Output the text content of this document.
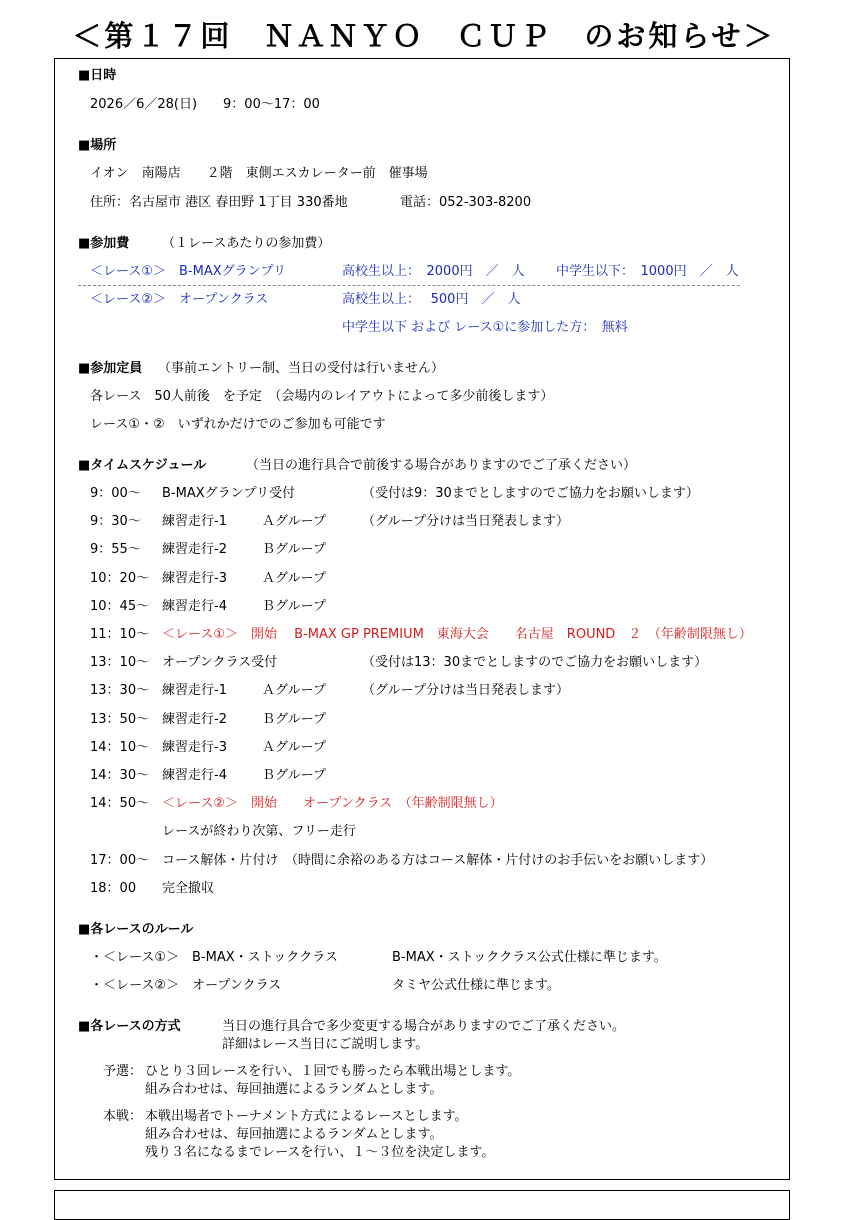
＜第１７回　ＮＡＮＹＯ　ＣＵＰ　のお知らせ＞
■日時
2026／6／28(日)　　9：00〜17：00
■場所
イオン　南陽店　　２階　東側エスカレーター前　催事場
住所：名古屋市 港区 春田野 1丁目 330番地	電話：052-303-8200
■参加費	（１レースあたりの参加費）
＜レース①＞　B-MAXグランプリ	高校生以上：　2000円　／　人 中学生以下：　1000円　／　人
＜レース②＞　オープンクラス	高校生以上：　 500円　／　人
中学生以下 および レース①に参加した方：　無料
■参加定員 （事前エントリー制、当日の受付は行いません）
各レース　50人前後　を予定　（会場内のレイアウトによって多少前後します）
レース①・②　いずれかだけでのご参加も可能です
■タイムスケジュール	（当日の進行具合で前後する場合がありますのでご了承ください）
9：00〜 B-MAXグランプリ受付	（受付は9：30までとしますのでご協力をお願いします）
9：30〜 練習走行-1	Ａグループ	（グループ分けは当日発表します）
9：55〜 練習走行-2	Ｂグループ
10：20〜 練習走行-3	Ａグループ
10：45〜 練習走行-4	Ｂグループ
11：10〜 ＜レース①＞　開始　 B-MAX GP PREMIUM　東海大会　　名古屋　ROUND　２　（年齢制限無し）
13：10〜 オープンクラス受付	（受付は13：30までとしますのでご協力をお願いします）
13：30〜 練習走行-1	Ａグループ	（グループ分けは当日発表します）
13：50〜 練習走行-2	Ｂグループ
14：10〜 練習走行-3	Ａグループ
14：30〜 練習走行-4	Ｂグループ
14：50〜 ＜レース②＞　開始　　オープンクラス　（年齢制限無し）
レースが終わり次第、フリー走行
17：00〜 コース解体・片付け　（時間に余裕のある方はコース解体・片付けのお手伝いをお願いします）
18：00 完全撤収
■各レースのルール
・＜レース①＞　B-MAX・ストッククラス	B-MAX・ストッククラス公式仕様に準じます。
・＜レース②＞　オープンクラス	タミヤ公式仕様に準じます。
■各レースの方式	当日の進行具合で多少変更する場合がありますのでご了承ください。
詳細はレース当日にご説明します。
予選： ひとり３回レースを行い、１回でも勝ったら本戦出場とします。
組み合わせは、毎回抽選によるランダムとします。
本戦： 本戦出場者でトーナメント方式によるレースとします。
組み合わせは、毎回抽選によるランダムとします。
残り３名になるまでレースを行い、１〜３位を決定します。
